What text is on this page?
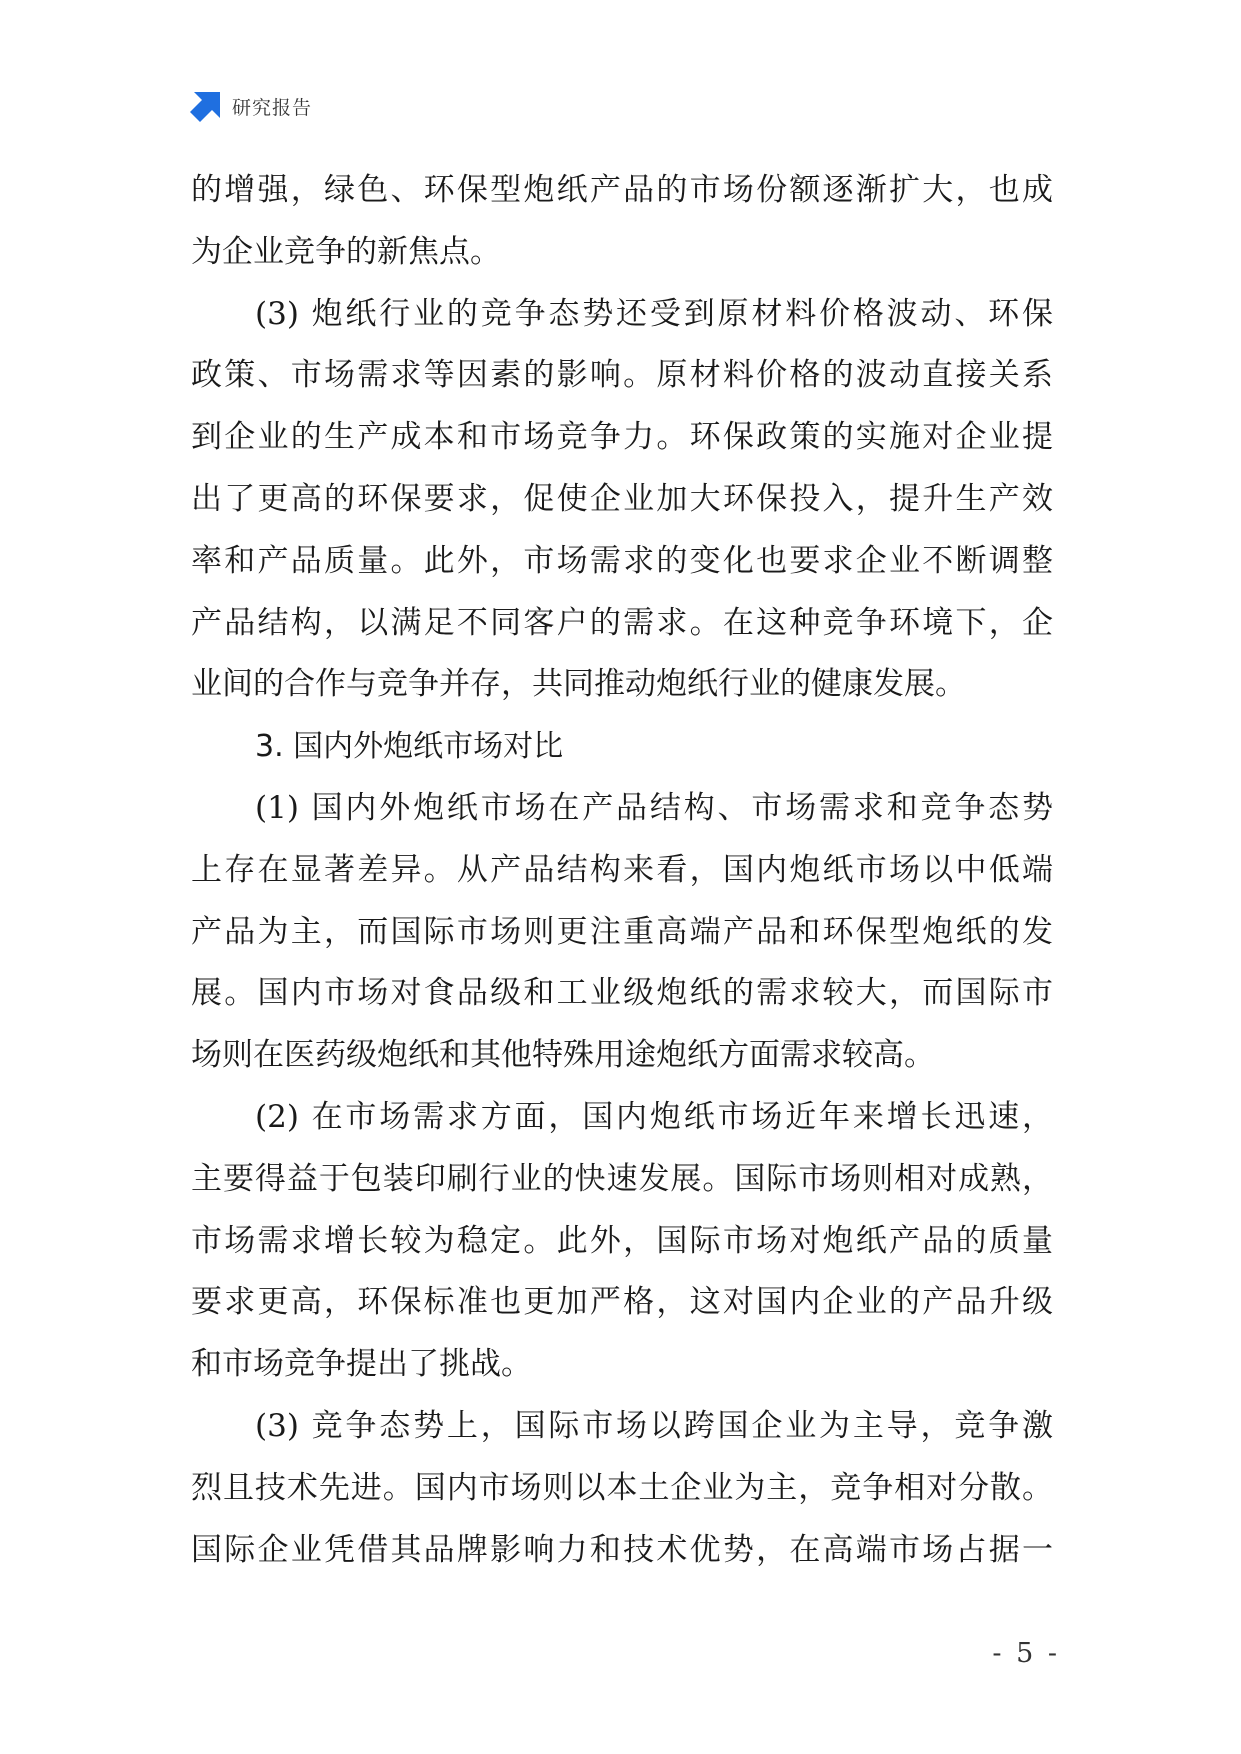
研究报告
的增强，绿色、环保型炮纸产品的市场份额逐渐扩大，也成
为企业竞争的新焦点。
(3) 炮纸行业的竞争态势还受到原材料价格波动、环保
政策、市场需求等因素的影响。原材料价格的波动直接关系
到企业的生产成本和市场竞争力。环保政策的实施对企业提
出了更高的环保要求，促使企业加大环保投入，提升生产效
率和产品质量。此外，市场需求的变化也要求企业不断调整
产品结构，以满足不同客户的需求。在这种竞争环境下，企
业间的合作与竞争并存，共同推动炮纸行业的健康发展。
3. 国内外炮纸市场对比
(1) 国内外炮纸市场在产品结构、市场需求和竞争态势
上存在显著差异。从产品结构来看，国内炮纸市场以中低端
产品为主，而国际市场则更注重高端产品和环保型炮纸的发
展。国内市场对食品级和工业级炮纸的需求较大，而国际市
场则在医药级炮纸和其他特殊用途炮纸方面需求较高。
(2) 在市场需求方面，国内炮纸市场近年来增长迅速，
主要得益于包装印刷行业的快速发展。国际市场则相对成熟，
市场需求增长较为稳定。此外，国际市场对炮纸产品的质量
要求更高，环保标准也更加严格，这对国内企业的产品升级
和市场竞争提出了挑战。
(3) 竞争态势上，国际市场以跨国企业为主导，竞争激
烈且技术先进。国内市场则以本土企业为主，竞争相对分散。
国际企业凭借其品牌影响力和技术优势，在高端市场占据一
- 5 -
